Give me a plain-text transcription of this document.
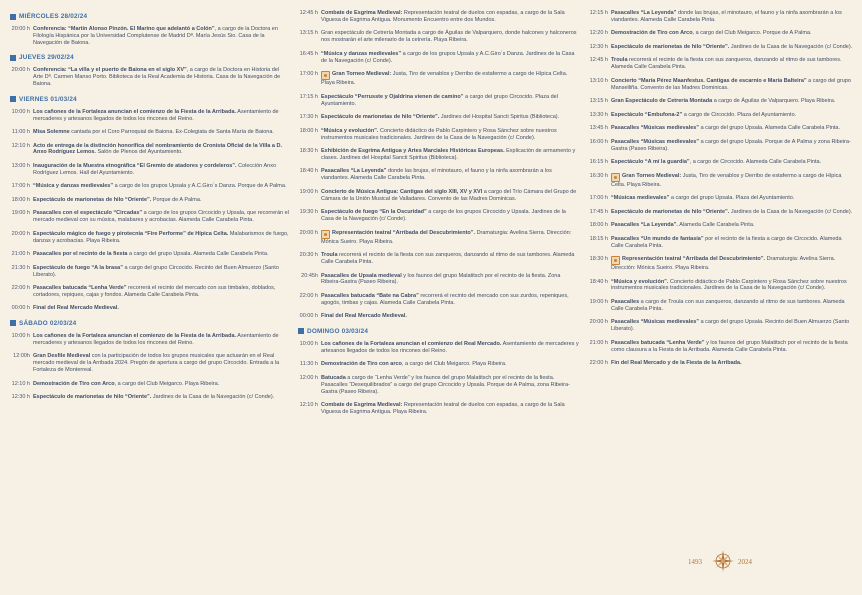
MIÉRCOLES 28/02/24
20:00 h Conferencia: “Martín Alonso Pinzón. El Marino que adelantó a Colón”, a cargo de la Doctora en Filología Hispánica por la Universidad Complutense de Madrid Dª. María Jesús Sio. Casa de la Navegación de Baiona.
JUEVES 29/02/24
20:00 h Conferencia: “La villa y el puerto de Baiona en el siglo XV”, a cargo de la Doctora en Historia del Arte Dª. Carmen Manso Porto. Biblioteca de la Real Academia de Historia. Casa de la Navegación de Baiona.
VIERNES 01/03/24
10:00 h Los cañones de la Fortaleza anuncian el comienzo de la Fiesta de la Arribada. Asentamiento de mercaderes y artesanos llegados de todos los rincones del Reino.
11:00 h Misa Solemne cantada por el Coro Parroquial de Baiona. Ex-Colegiata de Santa María de Baiona.
12:10 h Acto de entrega de la distinción honorífica del nombramiento de Cronista Oficial de la Villa a D. Anxo Rodríguez Lemos. Salón de Plenos del Ayuntamiento.
13:00 h Inauguración de la Muestra etnográfica “El Gremio de atadores y cordeleros”. Colección Anxo Rodríguez Lemos. Hall del Ayuntamiento.
17:00 h “Música y danzas medievales” a cargo de los grupos Upsala y A.C.Giro´s Danza. Porque de A Palma.
18:00 h Espectáculo de marionetas de hilo “Oriente”. Porque de A Palma.
19:00 h Pasacalles con el espectáculo “Circadas” a cargo de los grupos Circocido y Upsala, que recorrerán el mercado medieval con su música, malabares y acrobacias. Alameda Calle Carabela Pinta.
20:00 h Espectáculo mágico de fuego y pirotecnia “Fire Performe” de Hípica Celta. Malabarismos de fuego, danzas y acrobacias. Playa Ribeira.
21:00 h Pasacalles por el recinto de la fiesta a cargo del grupo Upsala. Alameda Calle Carabela Pinta.
21:30 h Espectáculo de fuego “A la brasa” a cargo del grupo Circocido. Recinto del Buen Almuerzo (Santo Liberato).
22:00 h Pasacalles batucada “Lenha Verde” recorrerá el recinto del mercado con sus timbales, doblados, cortadores, repiques, cajas y fondos. Alameda Calle Carabela Pinta.
00:00 h Final del Real Mercado Medieval.
SÁBADO 02/03/24
10:00 h Los cañones de la Fortaleza anuncian el comienzo de la Fiesta de la Arribada. Asentamiento de mercaderes y artesanos llegados de todos los rincones del Reino.
12:00h Gran Desfile Medieval con la participación de todos los grupos musicales que actuarán en el Real mercado medieval de la Arribada 2024. Pregón de apertura a cargo del grupo Circocido. Entrada a la Fortaleza de Monterreal.
12:10 h Demostración de Tiro con Arco, a cargo del Club Meigarco. Playa Ribeira.
12:30 h Espectáculo de marionetas de hilo “Oriente”. Jardines de la Casa de la Navegación (c/ Conde).
12:45 h Combate de Esgrima Medieval: Representación teatral de duelos con espadas, a cargo de la Sala Viguesa de Esgrima Antigua. Monumento Encuentro entre dos Mundos.
13:15 h Gran espectáculo de Cetrería Montada a cargo de Águilas de Valparquero, donde halcones y halconeros nos mostrarán el arte milenario de la cetrería. Playa Ribeira.
16:45 h “Música y danzas medievales” a cargo de los grupos Upsala y A.C.Giro´s Danza. Jardines de la Casa de la Navegación (c/ Conde).
17:00 h	Gran Torneo Medieval: Justa, Tiro de venablos y Derribo de estafermo a cargo de Hípica Celta. Playa Ribeira.
17:15 h Espectáculo “Perrusste y Ojaldrina vienen de camino” a cargo del grupo Circocido. Plaza del Ayuntamiento.
17:30 h Espectáculo de marionetas de hilo “Oriente”. Jardines del Hospital Sancti Spiritus (Biblioteca).
18:00 h “Música y evolución”. Concierto didáctico de Pablo Carpintero y Rosa Sánchez sobre nuestros instrumentos musicales tradicionales. Jardines de la Casa de la Navegación (c/ Conde).
18:30 h Exhibición de Esgrima Antigua y Artes Marciales Históricas Europeas. Explicación de armamento y clases. Jardines del Hospital Sancti Spiritus (Biblioteca).
18:40 h Pasacalles “La Leyenda” donde las brujas, el minotauro, el fauno y la ninfa asombrarán a los viandantes. Alameda Calle Carabela Pinta.
19:00 h Concierto de Música Antigua: Cantigas del siglo XIII, XV y XVI a cargo del Trío Cámara del Grupo de Cámara de la Unión Musical de Valladares. Convento de las Madres Dominicas.
19:30 h Espectáculo de fuego “En la Oscuridad” a cargo de los grupos Circocido y Upsala. Jardines de la Casa de la Navegación (c/ Conde).
20:00 h	Representación teatral “Arribada del Descubrimiento”. Dramaturgia: Avelina Sierra. Dirección: Mónica Sueiro. Playa Ribeira.
20:30 h Troula recorrerá el recinto de la fiesta con sus zanqueros, danzando al ritmo de sus tambores. Alameda Calle Carabela Pinta.
20:45h Pasacalles de Upsala medieval y los faunos del grupo Malatitsch por el recinto de la fiesta. Zona Ribeira-Gastra (Paseo Ribeira).
22:00 h Pasacalles batucada “Bate na Cabra” recorrerá el recinto del mercado con sus zurdos, repeniques, agogós, timbas y cajas. Alameda Calle Carabela Pinta.
00:00 h Final del Real Mercado Medieval.
DOMINGO 03/03/24
10:00 h Los cañones de la Fortaleza anuncian el comienzo del Real Mercado. Asentamiento de mercaderes y artesanos llegados de todos los rincones del Reino.
11:30 h Demostración de Tiro con arco, a cargo del Club Meigarco. Playa Ribeira.
12:00 h Batucada a cargo de “Lenha Verde” y los faunos del grupo Malatitsch por el recinto de la fiesta. Pasacalles “Desequilibrados” a cargo del grupo Circocido y Upsala. Porque de A Palma, zona Ribeira-Gastra (Paseo Ribeira).
12:10 h Combate de Esgrima Medieval: Representación teatral de duelos con espadas, a cargo de la Sala Viguesa de Esgrima Antigua. Playa Ribeira.
12:15 h Pasacalles “La Leyenda” donde las brujas, el minotauro, el fauno y la ninfa asombrarán a los viandantes. Alameda Calle Carabela Pinta.
12:20 h Demostración de Tiro con Arco, a cargo del Club Meigarco. Porque de A Palma.
12:30 h Espectáculo de marionetas de hilo “Oriente”. Jardines de la Casa de la Navegación (c/ Conde).
12:45 h Troula recorrerá el recinto de la fiesta con sus zanqueros, danzando al ritmo de sus tambores. Alameda Calle Carabela Pinta.
13:10 h Concierto “María Pérez Maanfestus. Cantigas de escarnio e María Balteira” a cargo del grupo Manselliña. Convento de las Madres Dominicas.
13:15 h Gran Espectáculo de Cetrería Montada a cargo de Águilas de Valparquero. Playa Ribeira.
13:30 h Espectáculo “Embufona-2” a cargo de Circocido. Plaza del Ayuntamiento.
13:45 h Pasacalles “Músicas medievales” a cargo del grupo Upsala. Alameda Calle Carabela Pinta.
16:00 h Pasacalles “Músicas medievales” a cargo del grupo Upsala. Porque de A Palma y zona Ribeira-Gastra (Paseo Ribeira).
16:15 h Espectáculo “A mí la guardia”, a cargo de Circocido. Alameda Calle Carabela Pinta.
16:30 h	Gran Torneo Medieval: Justa, Tiro de venablos y Derribo de estafermo a cargo de Hípica Celta. Playa Ribeira.
17:00 h “Músicas medievales” a cargo del grupo Upsala. Plaza del Ayuntamiento.
17:45 h Espectáculo de marionetas de hilo “Oriente”. Jardines de la Casa de la Navegación (c/ Conde).
18:00 h Pasacalles “La Leyenda”. Alameda Calle Carabela Pinta.
18:15 h Pasacalles “Un mundo de fantasía” por el recinto de la fiesta a cargo de Circocido. Alameda Calle Carabela Pinta.
18:30 h	Representación teatral “Arribada del Descubrimiento”. Dramaturgia: Avelina Sierra. Dirección: Mónica Sueiro. Playa Ribeira.
18:40 h “Música y evolución”. Concierto didáctico de Pablo Carpintero y Rosa Sánchez sobre nuestros instrumentos musicales tradicionales. Jardines de la Casa de la Navegación (c/ Conde).
19:00 h Pasacalles a cargo de Troula con sus zanqueros, danzando al ritmo de sus tambores. Alameda Calle Carabela Pinta.
20:00 h Pasacalles “Músicas medievales” a cargo del grupo Upsala. Recinto del Buen Almuerzo (Santo Liberato).
21:00 h Pasacalles batucada “Lenha Verde” y los faunos del grupo Malatitsch por el recinto de la fiesta como clausura a la Fiesta de la Arribada. Alameda Calle Carabela Pinta.
22:00 h Fin del Real Mercado y de la Fiesta de la Arribada.
1493	2024
